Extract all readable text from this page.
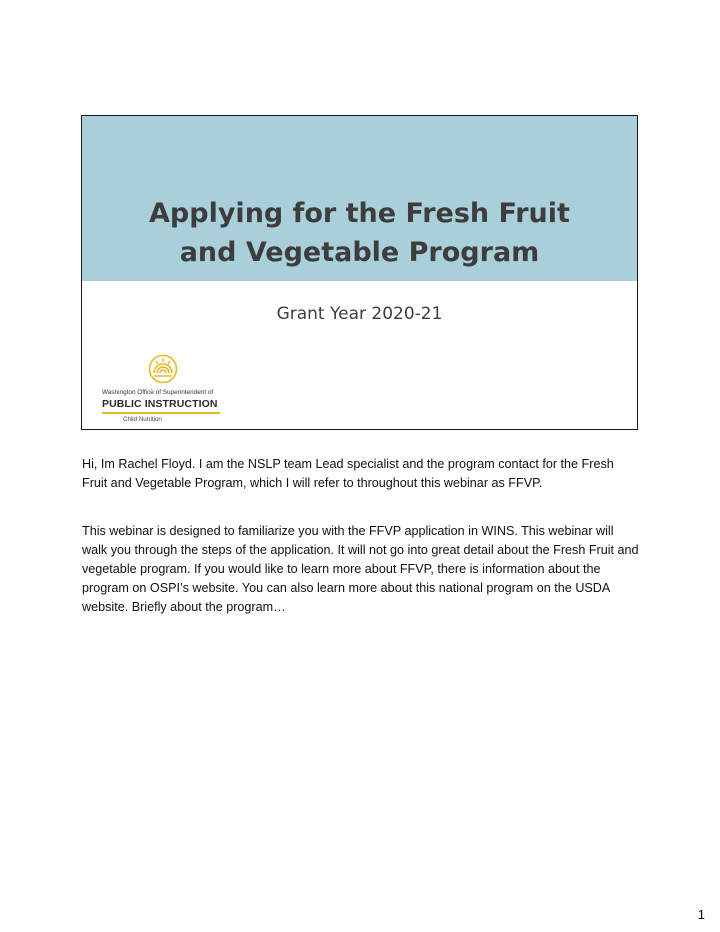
Applying for the Fresh Fruit
and Vegetable Program
Grant Year 2020-21
Washington Office of Superintendent of
PUBLIC INSTRUCTION
Child Nutrition

Hi, Im Rachel Floyd. I am the NSLP team Lead specialist and the program contact for the Fresh Fruit and Vegetable Program, which I will refer to throughout this webinar as FFVP.

This webinar is designed to familiarize you with the FFVP application in WINS. This webinar will walk you through the steps of the application. It will not go into great detail about the Fresh Fruit and vegetable program. If you would like to learn more about FFVP, there is information about the program on OSPI’s website. You can also learn more about this national program on the USDA website. Briefly about the program…

1
